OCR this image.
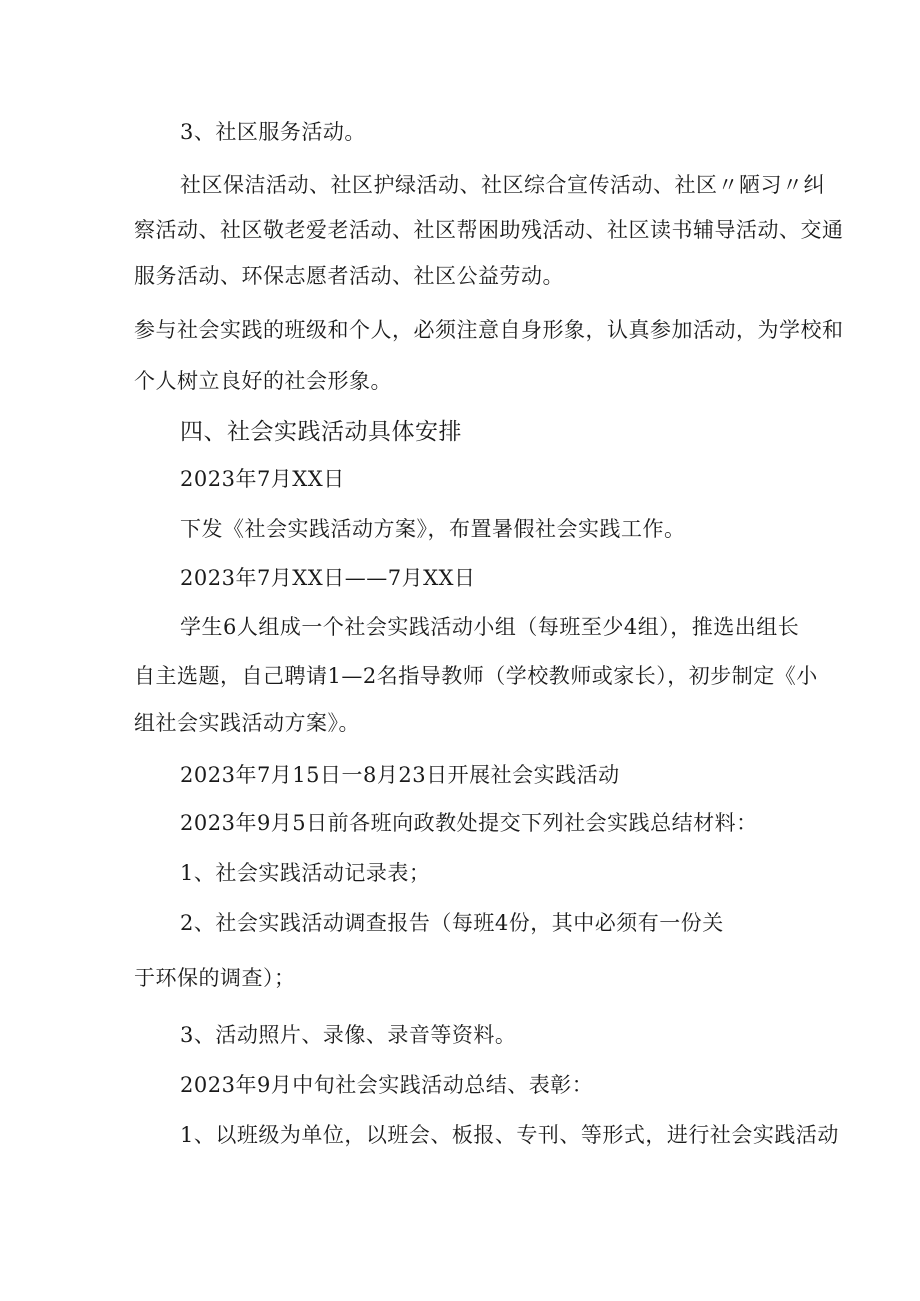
3、社区服务活动。
社区保洁活动、社区护绿活动、社区综合宣传活动、社区〃陋习〃纠
察活动、社区敬老爱老活动、社区帮困助残活动、社区读书辅导活动、交通
服务活动、环保志愿者活动、社区公益劳动。
参与社会实践的班级和个人，必须注意自身形象，认真参加活动，为学校和
个人树立良好的社会形象。
四、社会实践活动具体安排
2023年7月XX日
下发《社会实践活动方案》，布置暑假社会实践工作。
2023年7月XX日——7月XX日
学生6人组成一个社会实践活动小组（每班至少4组），推选出组长
自主选题，自己聘请1—2名指导教师（学校教师或家长），初步制定《小
组社会实践活动方案》。
2023年7月15日一8月23日开展社会实践活动
2023年9月5日前各班向政教处提交下列社会实践总结材料：
1、社会实践活动记录表；
2、社会实践活动调查报告（每班4份，其中必须有一份关
于环保的调查）；
3、活动照片、录像、录音等资料。
2023年9月中旬社会实践活动总结、表彰：
1、以班级为单位，以班会、板报、专刊、等形式，进行社会实践活动
